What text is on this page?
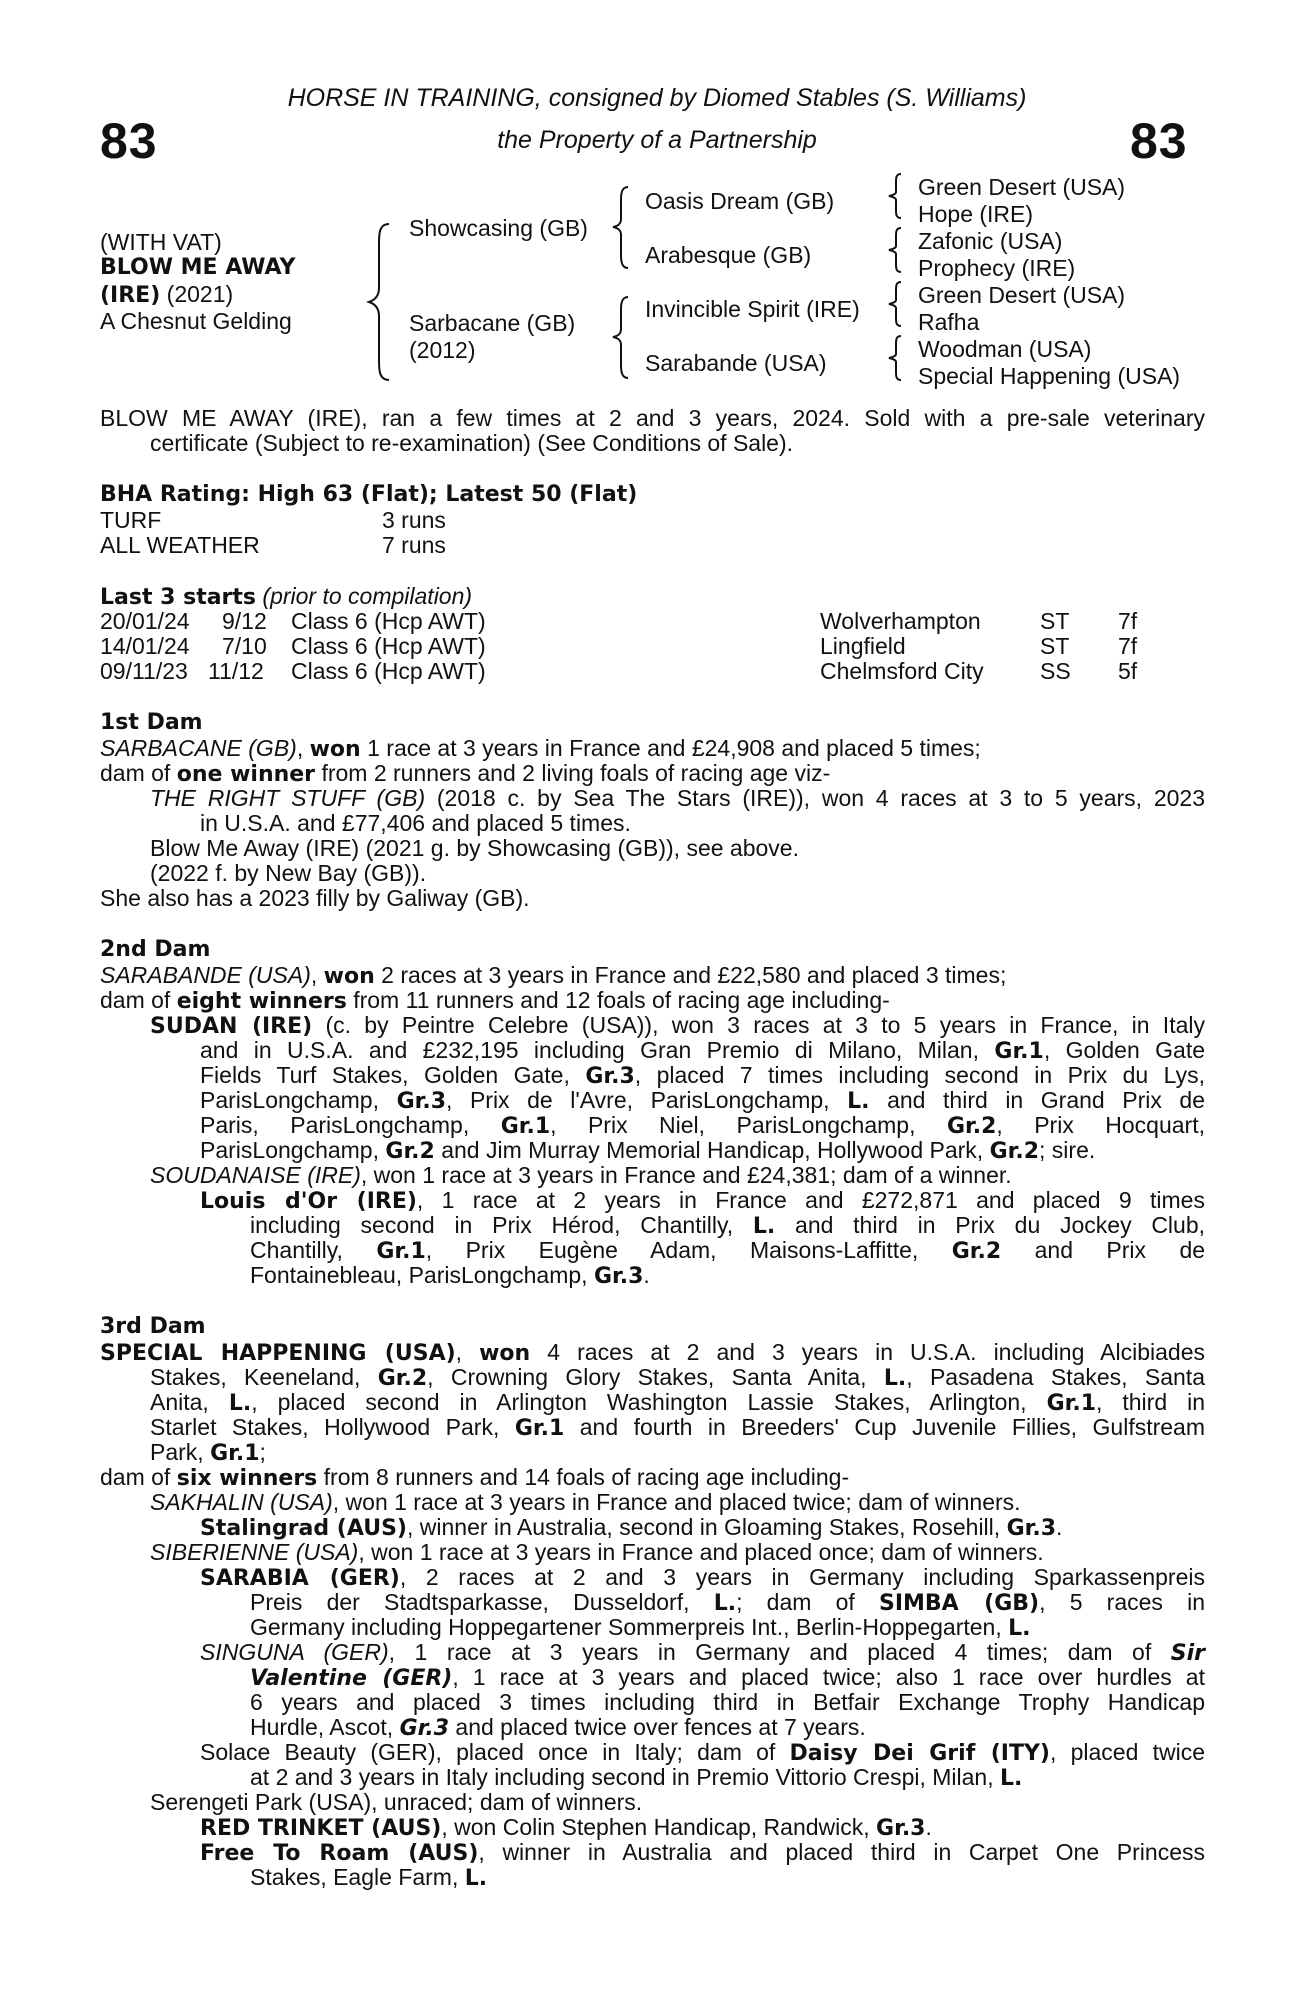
HORSE IN TRAINING, consigned by Diomed Stables (S. Williams)
the Property of a Partnership
83	83
(WITH VAT)
BLOW ME AWAY
(IRE) (2021)
A Chesnut Gelding
Showcasing (GB)
Sarbacane (GB)
(2012)
Oasis Dream (GB)
Arabesque (GB)
Invincible Spirit (IRE)
Sarabande (USA)
Green Desert (USA)
Hope (IRE)
Zafonic (USA)
Prophecy (IRE)
Green Desert (USA)
Rafha
Woodman (USA)
Special Happening (USA)
BLOW ME AWAY (IRE), ran a few times at 2 and 3 years, 2024. Sold with a pre-sale veterinary
certificate (Subject to re-examination) (See Conditions of Sale).
BHA Rating: High 63 (Flat); Latest 50 (Flat)
TURF	3 runs
ALL WEATHER	7 runs
Last 3 starts (prior to compilation)
20/01/24 9/12 Class 6 (Hcp AWT)	Wolverhampton	ST 7f
14/01/24 7/10 Class 6 (Hcp AWT)	Lingfield	ST 7f
09/11/23 11/12 Class 6 (Hcp AWT)	Chelmsford City SS 5f
1st Dam
SARBACANE (GB), won 1 race at 3 years in France and £24,908 and placed 5 times;
dam of one winner from 2 runners and 2 living foals of racing age viz-
THE RIGHT STUFF (GB) (2018 c. by Sea The Stars (IRE)), won 4 races at 3 to 5 years, 2023
in U.S.A. and £77,406 and placed 5 times.
Blow Me Away (IRE) (2021 g. by Showcasing (GB)), see above.
(2022 f. by New Bay (GB)).
She also has a 2023 filly by Galiway (GB).
2nd Dam
SARABANDE (USA), won 2 races at 3 years in France and £22,580 and placed 3 times;
dam of eight winners from 11 runners and 12 foals of racing age including-
SUDAN (IRE) (c. by Peintre Celebre (USA)), won 3 races at 3 to 5 years in France, in Italy
and in U.S.A. and £232,195 including Gran Premio di Milano, Milan, Gr.1, Golden Gate
Fields Turf Stakes, Golden Gate, Gr.3, placed 7 times including second in Prix du Lys,
ParisLongchamp, Gr.3, Prix de l'Avre, ParisLongchamp, L. and third in Grand Prix de
Paris, ParisLongchamp, Gr.1, Prix Niel, ParisLongchamp, Gr.2, Prix Hocquart,
ParisLongchamp, Gr.2 and Jim Murray Memorial Handicap, Hollywood Park, Gr.2; sire.
SOUDANAISE (IRE), won 1 race at 3 years in France and £24,381; dam of a winner.
Louis d'Or (IRE), 1 race at 2 years in France and £272,871 and placed 9 times
including second in Prix Hérod, Chantilly, L. and third in Prix du Jockey Club,
Chantilly, Gr.1, Prix Eugène Adam, Maisons-Laffitte, Gr.2 and Prix de
Fontainebleau, ParisLongchamp, Gr.3.
3rd Dam
SPECIAL HAPPENING (USA), won 4 races at 2 and 3 years in U.S.A. including Alcibiades
Stakes, Keeneland, Gr.2, Crowning Glory Stakes, Santa Anita, L., Pasadena Stakes, Santa
Anita, L., placed second in Arlington Washington Lassie Stakes, Arlington, Gr.1, third in
Starlet Stakes, Hollywood Park, Gr.1 and fourth in Breeders' Cup Juvenile Fillies, Gulfstream
Park, Gr.1;
dam of six winners from 8 runners and 14 foals of racing age including-
SAKHALIN (USA), won 1 race at 3 years in France and placed twice; dam of winners.
Stalingrad (AUS), winner in Australia, second in Gloaming Stakes, Rosehill, Gr.3.
SIBERIENNE (USA), won 1 race at 3 years in France and placed once; dam of winners.
SARABIA (GER), 2 races at 2 and 3 years in Germany including Sparkassenpreis
Preis der Stadtsparkasse, Dusseldorf, L.; dam of SIMBA (GB), 5 races in
Germany including Hoppegartener Sommerpreis Int., Berlin-Hoppegarten, L.
SINGUNA (GER), 1 race at 3 years in Germany and placed 4 times; dam of Sir
Valentine (GER), 1 race at 3 years and placed twice; also 1 race over hurdles at
6 years and placed 3 times including third in Betfair Exchange Trophy Handicap
Hurdle, Ascot, Gr.3 and placed twice over fences at 7 years.
Solace Beauty (GER), placed once in Italy; dam of Daisy Dei Grif (ITY), placed twice
at 2 and 3 years in Italy including second in Premio Vittorio Crespi, Milan, L.
Serengeti Park (USA), unraced; dam of winners.
RED TRINKET (AUS), won Colin Stephen Handicap, Randwick, Gr.3.
Free To Roam (AUS), winner in Australia and placed third in Carpet One Princess
Stakes, Eagle Farm, L.
